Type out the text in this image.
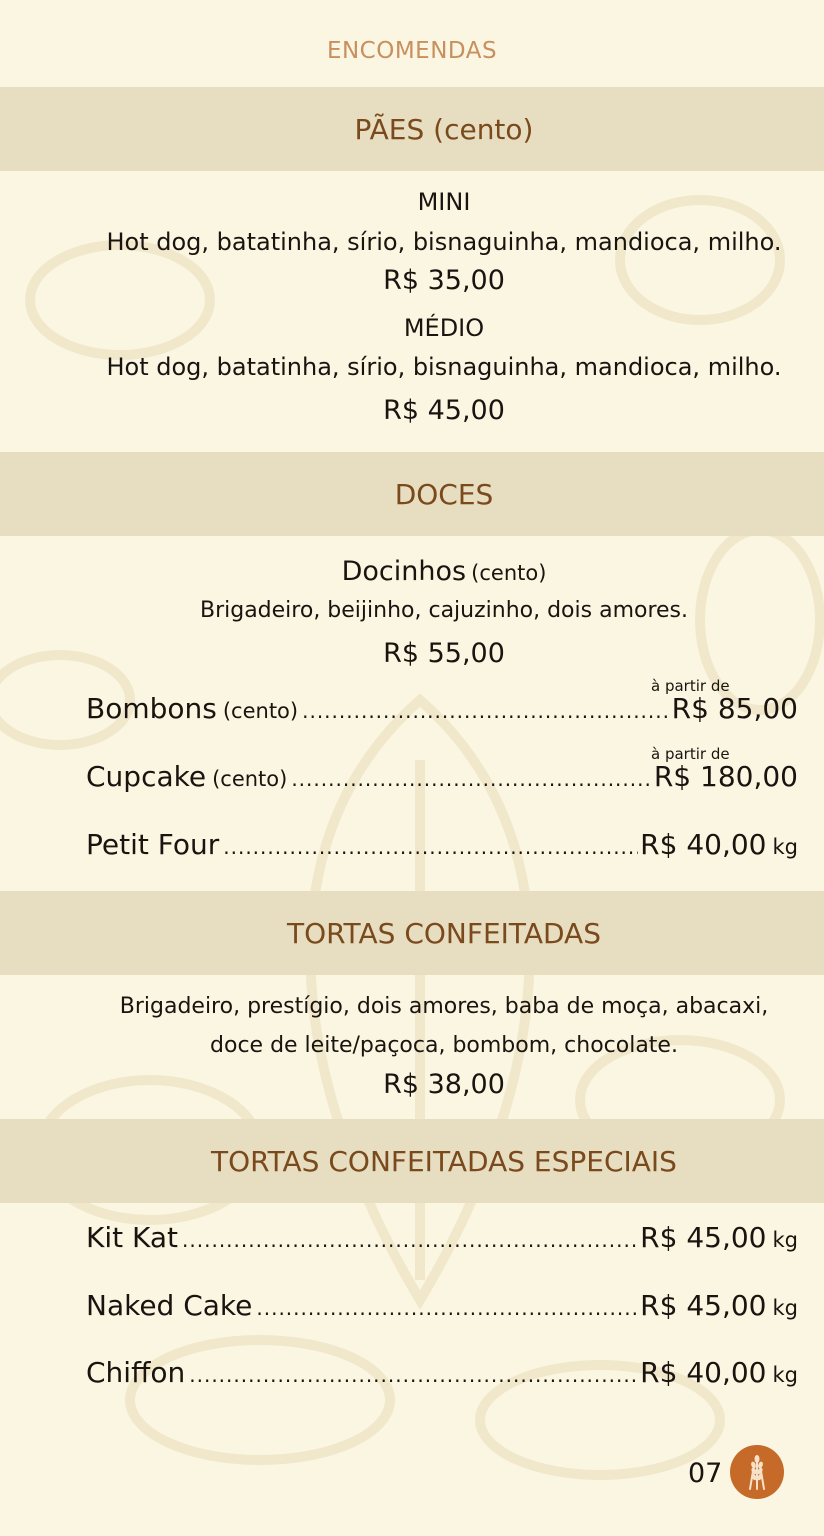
ENCOMENDAS
PÃES (cento)
MINI
Hot dog, batatinha, sírio, bisnaguinha, mandioca, milho.
R$ 35,00
MÉDIO
Hot dog, batatinha, sírio, bisnaguinha, mandioca, milho.
R$ 45,00
DOCES
Docinhos (cento)
Brigadeiro, beijinho, cajuzinho, dois amores.
R$ 55,00
à partir de
Bombons (cento) .....	R$ 85,00
à partir de
Cupcake (cento) .....	R$ 180,00
Petit Four .....	R$ 40,00 kg
TORTAS CONFEITADAS
Brigadeiro, prestígio, dois amores, baba de moça, abacaxi,
doce de leite/paçoca, bombom, chocolate.
R$ 38,00
TORTAS CONFEITADAS ESPECIAIS
Kit Kat .....	R$ 45,00 kg
Naked Cake .....	R$ 45,00 kg
Chiffon .....	R$ 40,00 kg
07
